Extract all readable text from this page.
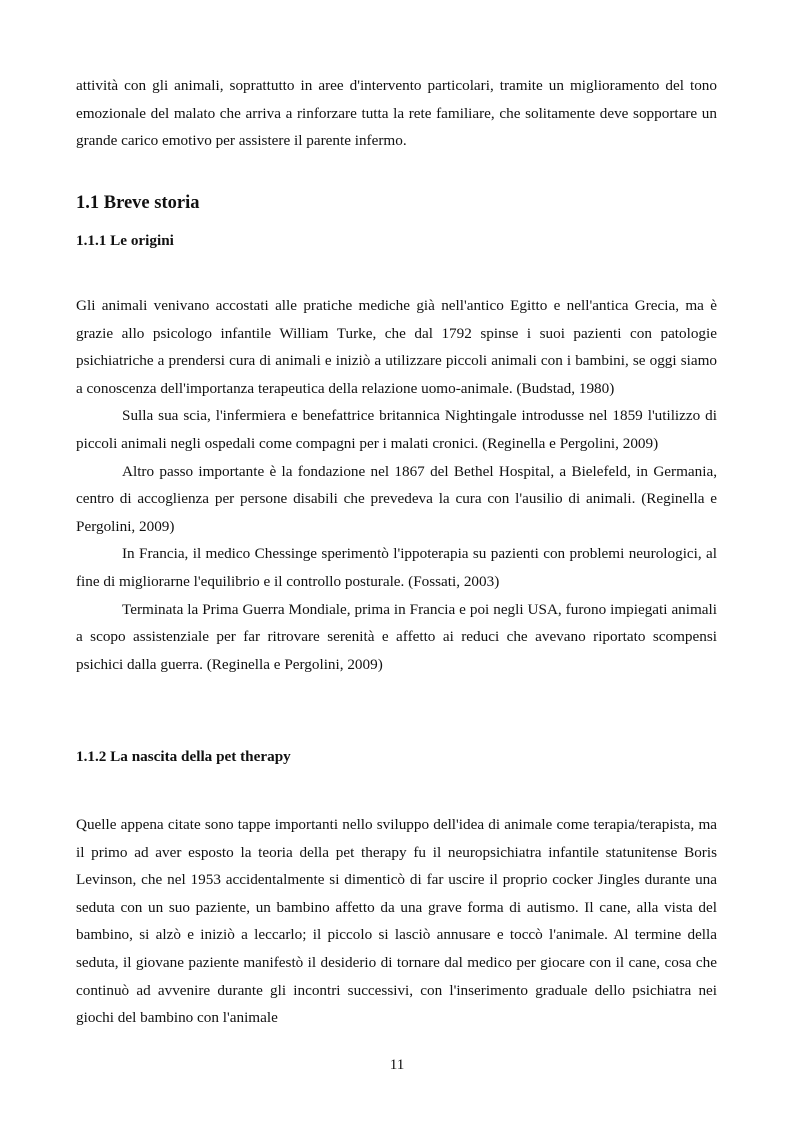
attività con gli animali, soprattutto in aree d'intervento particolari, tramite un miglioramento del tono emozionale del malato che arriva a rinforzare tutta la rete familiare, che solitamente deve sopportare un grande carico emotivo per assistere il parente infermo.

1.1 Breve storia
1.1.1 Le origini

Gli animali venivano accostati alle pratiche mediche già nell'antico Egitto e nell'antica Grecia, ma è grazie allo psicologo infantile William Turke, che dal 1792 spinse i suoi pazienti con patologie psichiatriche a prendersi cura di animali e iniziò a utilizzare piccoli animali con i bambini, se oggi siamo a conoscenza dell'importanza terapeutica della relazione uomo-animale. (Budstad, 1980)

Sulla sua scia, l'infermiera e benefattrice britannica Nightingale introdusse nel 1859 l'utilizzo di piccoli animali negli ospedali come compagni per i malati cronici. (Reginella e Pergolini, 2009)

Altro passo importante è la fondazione nel 1867 del Bethel Hospital, a Bielefeld, in Germania, centro di accoglienza per persone disabili che prevedeva la cura con l'ausilio di animali. (Reginella e Pergolini, 2009)

In Francia, il medico Chessinge sperimentò l'ippoterapia su pazienti con problemi neurologici, al fine di migliorarne l'equilibrio e il controllo posturale. (Fossati, 2003)

Terminata la Prima Guerra Mondiale, prima in Francia e poi negli USA, furono impiegati animali a scopo assistenziale per far ritrovare serenità e affetto ai reduci che avevano riportato scompensi psichici dalla guerra. (Reginella e Pergolini, 2009)

1.1.2 La nascita della pet therapy

Quelle appena citate sono tappe importanti nello sviluppo dell'idea di animale come terapia/terapista, ma il primo ad aver esposto la teoria della pet therapy fu il neuropsichiatra infantile statunitense Boris Levinson, che nel 1953 accidentalmente si dimenticò di far uscire il proprio cocker Jingles durante una seduta con un suo paziente, un bambino affetto da una grave forma di autismo. Il cane, alla vista del bambino, si alzò e iniziò a leccarlo; il piccolo si lasciò annusare e toccò l'animale. Al termine della seduta, il giovane paziente manifestò il desiderio di tornare dal medico per giocare con il cane, cosa che continuò ad avvenire durante gli incontri successivi, con l'inserimento graduale dello psichiatra nei giochi del bambino con l'animale

11
